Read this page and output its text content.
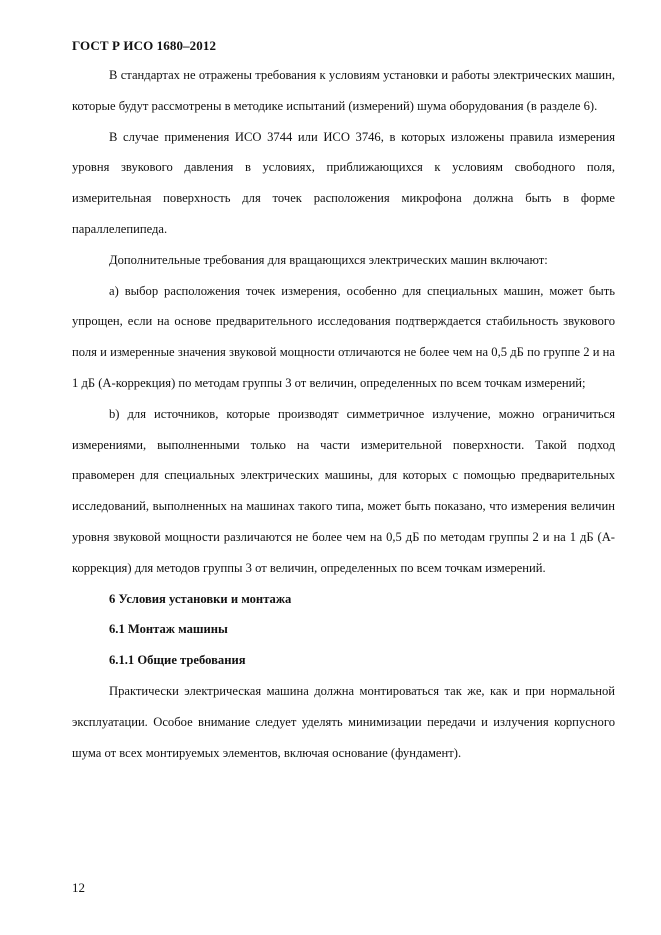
ГОСТ Р ИСО 1680–2012

В стандартах не отражены требования к условиям установки и работы электрических машин, которые будут рассмотрены в методике испытаний (измерений) шума оборудования (в разделе 6).

В случае применения ИСО 3744 или ИСО 3746, в которых изложены правила измерения уровня звукового давления в условиях, приближающихся к условиям свободного поля, измерительная поверхность для точек расположения микрофона должна быть в форме параллелепипеда.

Дополнительные требования для вращающихся электрических машин включают:

а) выбор расположения точек измерения, особенно для специальных машин, может быть упрощен, если на основе предварительного исследования подтверждается стабильность звукового поля и измеренные значения звуковой мощности отличаются не более чем на 0,5 дБ по группе 2 и на 1 дБ (А-коррекция) по методам группы 3 от величин, определенных по всем точкам измерений;

b) для источников, которые производят симметричное излучение, можно ограничиться измерениями, выполненными только на части измерительной поверхности. Такой подход правомерен для специальных электрических машины, для которых с помощью предварительных исследований, выполненных на машинах такого типа, может быть показано, что измерения величин уровня звуковой мощности различаются не более чем на 0,5 дБ по методам группы 2 и на 1 дБ (А-коррекция) для методов группы 3 от величин, определенных по всем точкам измерений.

6 Условия установки и монтажа

6.1 Монтаж машины

6.1.1 Общие требования

Практически электрическая машина должна монтироваться так же, как и при нормальной эксплуатации. Особое внимание следует уделять минимизации передачи и излучения корпусного шума от всех монтируемых элементов, включая основание (фундамент).

12
